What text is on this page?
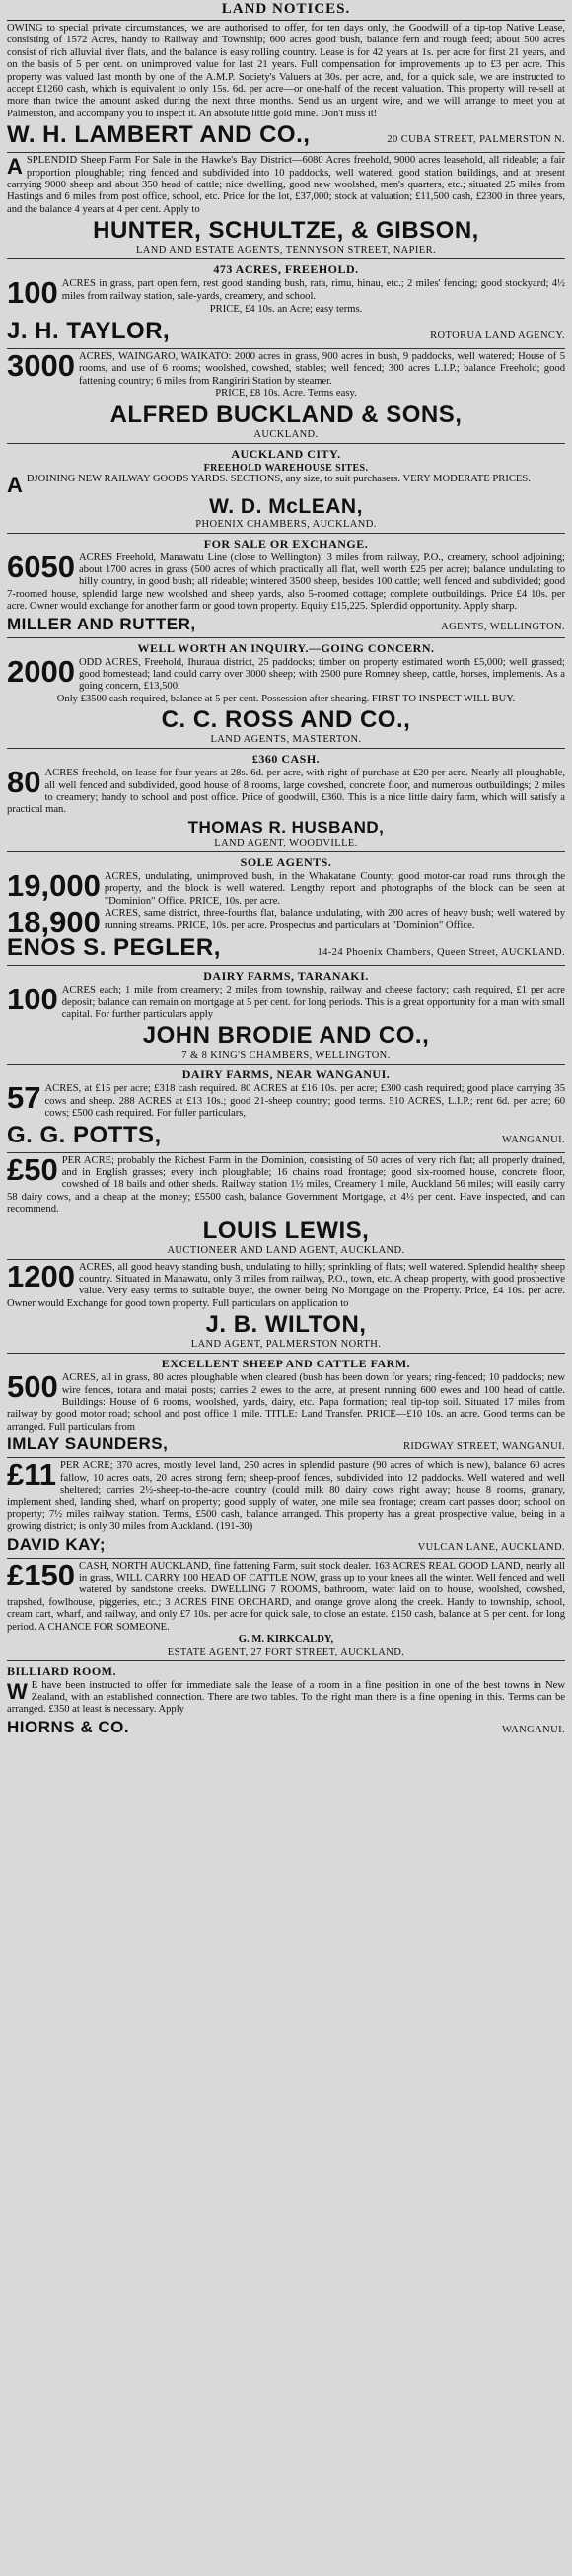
LAND NOTICES.

OWING to special private circumstances, we are authorised to offer, for ten days only, the Goodwill of a tip-top Native Lease, consisting of 1572 Acres, handy to Railway and Township; 600 acres good bush, balance fern and rough feed; about 500 acres consist of rich alluvial river flats, and the balance is easy rolling country. Lease is for 42 years at 1s. per acre for first 21 years, and on the basis of 5 per cent. on unimproved value for last 21 years. Full compensation for improvements up to £3 per acre. This property was valued last month by one of the A.M.P. Society's Valuers at 30s. per acre, and, for a quick sale, we are instructed to accept £1260 cash, which is equivalent to only 15s. 6d. per acre—or one-half of the recent valuation. This property will re-sell at more than twice the amount asked during the next three months. Send us an urgent wire, and we will arrange to meet you at Palmerston, and accompany you to inspect it. An absolute little gold mine. Don't miss it!

W. H. LAMBERT AND CO.,	20 CUBA STREET, PALMERSTON N.

ASPLENDID Sheep Farm For Sale in the Hawke's Bay District—6080 Acres freehold, 9000 acres leasehold, all rideable; a fair proportion ploughable; ring fenced and subdivided into 10 paddocks, well watered; good station buildings, and at present carrying 9000 sheep and about 350 head of cattle; nice dwelling, good new woolshed, men's quarters, etc.; situated 25 miles from Hastings and 6 miles from post office, school, etc. Price for the lot, £37,000; stock at valuation; £11,500 cash, £2300 in three years, and the balance 4 years at 4 per cent. Apply to

HUNTER, SCHULTZE, & GIBSON,

LAND AND ESTATE AGENTS, TENNYSON STREET, NAPIER.

473 ACRES, FREEHOLD.

100 ACRES in grass, part open fern, rest good standing bush, rata, rimu, hinau, etc.; 2 miles' fencing; good stockyard; 4½ miles from railway station, sale-yards, creamery, and school.

PRICE, £4 10s. an Acre; easy terms.

J. H. TAYLOR,	ROTORUA LAND AGENCY.

3000 ACRES, WAINGARO, WAIKATO: 2000 acres in grass, 900 acres in bush, 9 paddocks, well watered; House of 5 rooms, and use of 6 rooms; woolshed, cowshed, stables; well fenced; 300 acres L.I.P.; balance Freehold; good fattening country; 6 miles from Rangiriri Station by steamer.

PRICE, £8 10s. Acre. Terms easy.

ALFRED BUCKLAND & SONS,

AUCKLAND.

AUCKLAND CITY.

FREEHOLD WAREHOUSE SITES.

ADJOINING NEW RAILWAY GOODS YARDS. SECTIONS, any size, to suit purchasers. VERY MODERATE PRICES.

W. D. McLEAN,

PHOENIX CHAMBERS, AUCKLAND.

FOR SALE OR EXCHANGE.

6050 ACRES Freehold, Manawatu Line (close to Wellington); 3 miles from railway, P.O., creamery, school adjoining; about 1700 acres in grass (500 acres of which practically all flat, well worth £25 per acre); balance undulating to hilly country, in good bush; all rideable; wintered 3500 sheep, besides 100 cattle; well fenced and subdivided; good 7-roomed house, splendid large new woolshed and sheep yards, also 5-roomed cottage; complete outbuildings. Price £4 10s. per acre. Owner would exchange for another farm or good town property. Equity £15,225. Splendid opportunity. Apply sharp.

MILLER AND RUTTER,	AGENTS, WELLINGTON.

WELL WORTH AN INQUIRY.—GOING CONCERN.

2000 ODD ACRES, Freehold, Ihuraua district, 25 paddocks; timber on property estimated worth £5,000; well grassed; good homestead; land could carry over 3000 sheep; with 2500 pure Romney sheep, cattle, horses, implements. As a going concern, £13,500.

Only £3500 cash required, balance at 5 per cent. Possession after shearing. FIRST TO INSPECT WILL BUY.

C. C. ROSS AND CO.,

LAND AGENTS, MASTERTON.

£360 CASH.

80 ACRES freehold, on lease for four years at 28s. 6d. per acre, with right of purchase at £20 per acre. Nearly all ploughable, all well fenced and subdivided, good house of 8 rooms, large cowshed, concrete floor, and numerous outbuildings; 2 miles to creamery; handy to school and post office. Price of goodwill, £360. This is a nice little dairy farm, which will satisfy a practical man.

THOMAS R. HUSBAND,

LAND AGENT, WOODVILLE.

SOLE AGENTS.

19,000 ACRES, undulating, unimproved bush, in the Whakatane County; good motor-car road runs through the property, and the block is well watered. Lengthy report and photographs of the block can be seen at "Dominion" Office. PRICE, 10s. per acre.

18,900 ACRES, same district, three-fourths flat, balance undulating, with 200 acres of heavy bush; well watered by running streams. PRICE, 10s. per acre. Prospectus and particulars at "Dominion" Office.

ENOS S. PEGLER,	14-24 Phoenix Chambers, Queen Street, AUCKLAND.

DAIRY FARMS, TARANAKI.

100 ACRES each; 1 mile from creamery; 2 miles from township, railway and cheese factory; cash required, £1 per acre deposit; balance can remain on mortgage at 5 per cent. for long periods. This is a great opportunity for a man with small capital. For further particulars apply

JOHN BRODIE AND CO.,

7 & 8 KING'S CHAMBERS, WELLINGTON.

DAIRY FARMS, NEAR WANGANUI.

57 ACRES, at £15 per acre; £318 cash required. 80 ACRES at £16 10s. per acre; £300 cash required; good place carrying 35 cows and sheep. 288 ACRES at £13 10s.; good 21-sheep country; good terms. 510 ACRES, L.I.P.; rent 6d. per acre; 60 cows; £500 cash required. For fuller particulars,

G. G. POTTS,	WANGANUI.

£50 PER ACRE; probably the Richest Farm in the Dominion, consisting of 50 acres of very rich flat; all properly drained, and in English grasses; every inch ploughable; 16 chains road frontage; good six-roomed house, concrete floor, cowshed of 18 bails and other sheds. Railway station 1½ miles, Creamery 1 mile, Auckland 56 miles; will easily carry 58 dairy cows, and a cheap at the money; £5500 cash, balance Government Mortgage, at 4½ per cent. Have inspected, and can recommend.

LOUIS LEWIS,

AUCTIONEER AND LAND AGENT, AUCKLAND.

1200 ACRES, all good heavy standing bush, undulating to hilly; sprinkling of flats; well watered. Splendid healthy sheep country. Situated in Manawatu, only 3 miles from railway, P.O., town, etc. A cheap property, with good prospective value. Very easy terms to suitable buyer, the owner being No Mortgage on the Property. Price, £4 10s. per acre. Owner would Exchange for good town property. Full particulars on application to

J. B. WILTON,

LAND AGENT, PALMERSTON NORTH.

EXCELLENT SHEEP AND CATTLE FARM.

500 ACRES, all in grass, 80 acres ploughable when cleared (bush has been down for years; ring-fenced; 10 paddocks; new wire fences, totara and matai posts; carries 2 ewes to the acre, at present running 600 ewes and 100 head of cattle. Buildings: House of 6 rooms, woolshed, yards, dairy, etc. Papa formation; real tip-top soil. Situated 17 miles from railway by good motor road; school and post office 1 mile. TITLE: Land Transfer. PRICE—£10 10s. an acre. Good terms can be arranged. Full particulars from

IMLAY SAUNDERS,	RIDGWAY STREET, WANGANUI.

£11 PER ACRE; 370 acres, mostly level land, 250 acres in splendid pasture (90 acres of which is new), balance 60 acres fallow, 10 acres oats, 20 acres strong fern; sheep-proof fences, subdivided into 12 paddocks. Well watered and well sheltered; carries 2½-sheep-to-the-acre country (could milk 80 dairy cows right away; house 8 rooms, granary, implement shed, landing shed, wharf on property; good supply of water, one mile sea frontage; cream cart passes door; school on property; 7½ miles railway station. Terms, £500 cash, balance arranged. This property has a great prospective value, being in a growing district; is only 30 miles from Auckland. (191-30)

DAVID KAY;	VULCAN LANE, AUCKLAND.

£150 CASH, NORTH AUCKLAND, fine fattening Farm, suit stock dealer. 163 ACRES REAL GOOD LAND, nearly all in grass, WILL CARRY 100 HEAD OF CATTLE NOW, grass up to your knees all the winter. Well fenced and well watered by sandstone creeks. DWELLING 7 ROOMS, bathroom, water laid on to house, woolshed, cowshed, trapshed, fowlhouse, piggeries, etc.; 3 ACRES FINE ORCHARD, and orange grove along the creek. Handy to township, school, cream cart, wharf, and railway, and only £7 10s. per acre for quick sale, to close an estate. £150 cash, balance at 5 per cent. for long period. A CHANCE FOR SOMEONE.

G. M. KIRKCALDY,

ESTATE AGENT, 27 FORT STREET, AUCKLAND.

BILLIARD ROOM.

W E have been instructed to offer for immediate sale the lease of a room in a fine position in one of the best towns in New Zealand, with an established connection. There are two tables. To the right man there is a fine opening in this. Terms can be arranged. £350 at least is necessary. Apply

HIORNS & CO.	WANGANUI.
